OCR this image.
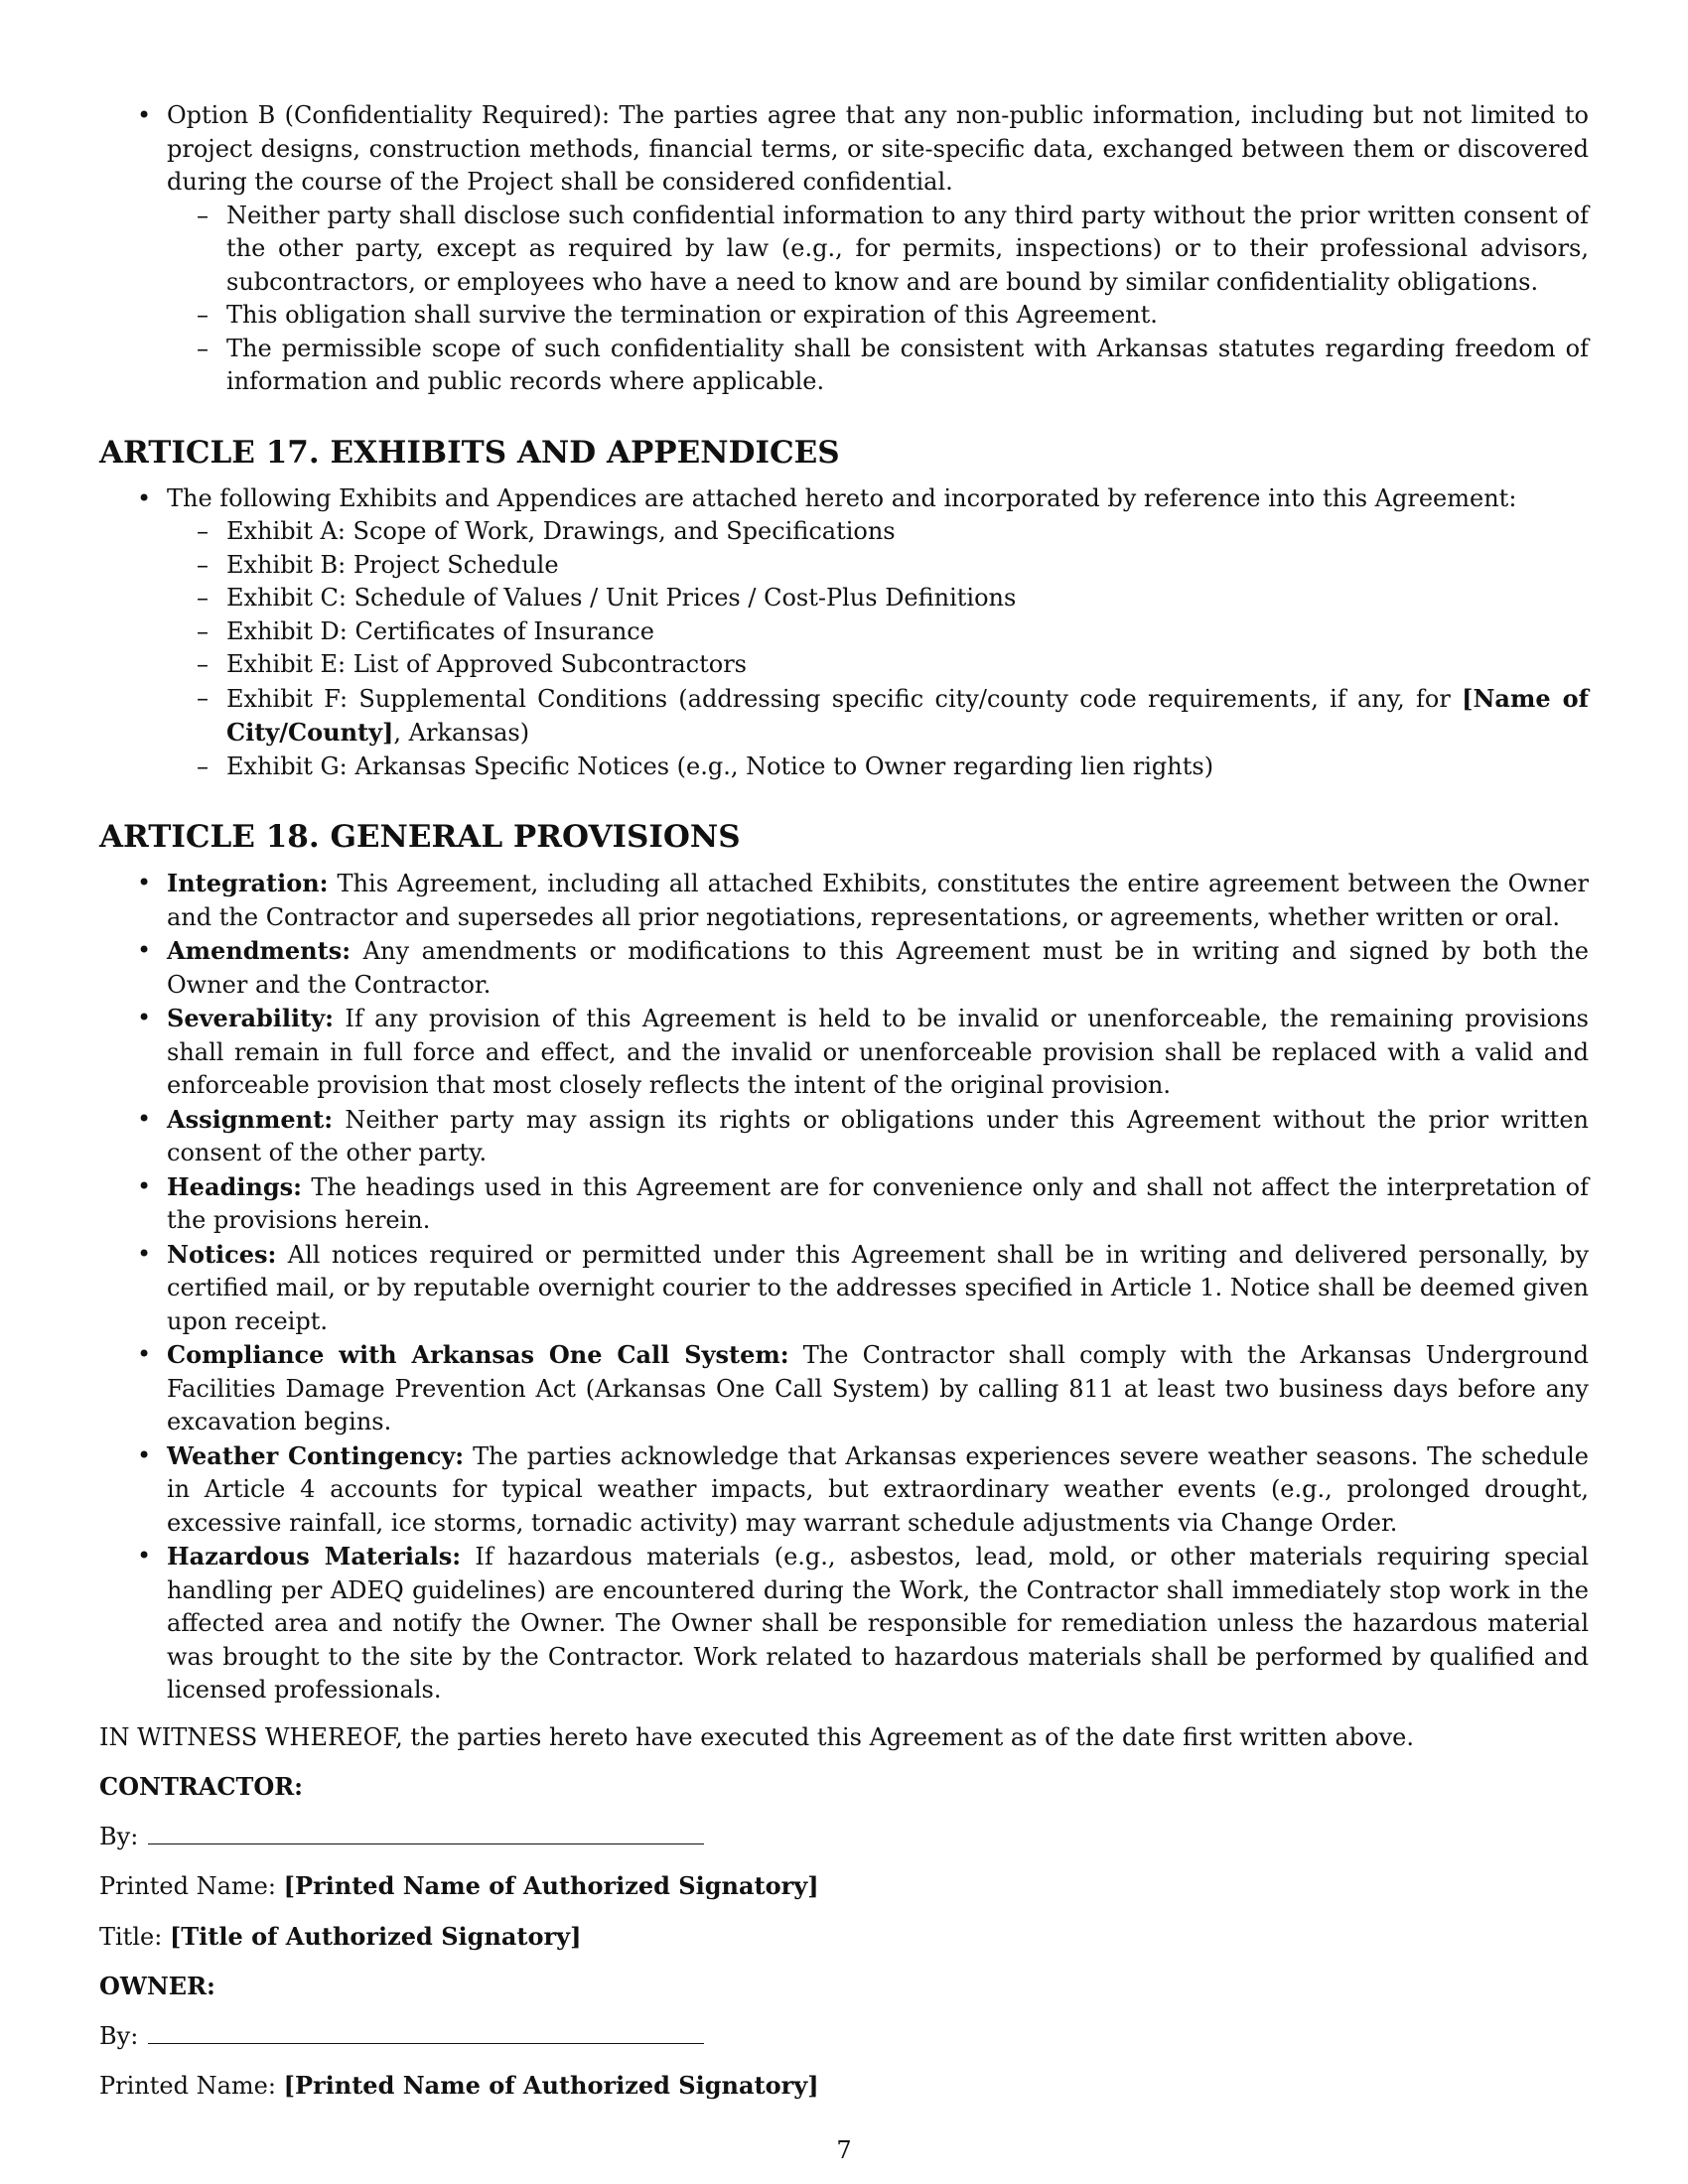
• Option B (Confidentiality Required): The parties agree that any non-public information, including but not limited to project designs, construction methods, financial terms, or site-specific data, exchanged between them or discovered during the course of the Project shall be considered confidential.
– Neither party shall disclose such confidential information to any third party without the prior written consent of the other party, except as required by law (e.g., for permits, inspections) or to their professional advisors, subcontractors, or employees who have a need to know and are bound by similar confidentiality obligations.
– This obligation shall survive the termination or expiration of this Agreement.
– The permissible scope of such confidentiality shall be consistent with Arkansas statutes regarding freedom of information and public records where applicable.
ARTICLE 17. EXHIBITS AND APPENDICES
• The following Exhibits and Appendices are attached hereto and incorporated by reference into this Agreement:
– Exhibit A: Scope of Work, Drawings, and Specifications
– Exhibit B: Project Schedule
– Exhibit C: Schedule of Values / Unit Prices / Cost-Plus Definitions
– Exhibit D: Certificates of Insurance
– Exhibit E: List of Approved Subcontractors
– Exhibit F: Supplemental Conditions (addressing specific city/county code requirements, if any, for [Name of City/County], Arkansas)
– Exhibit G: Arkansas Specific Notices (e.g., Notice to Owner regarding lien rights)
ARTICLE 18. GENERAL PROVISIONS
• Integration: This Agreement, including all attached Exhibits, constitutes the entire agreement between the Owner and the Contractor and supersedes all prior negotiations, representations, or agreements, whether written or oral.
• Amendments: Any amendments or modifications to this Agreement must be in writing and signed by both the Owner and the Contractor.
• Severability: If any provision of this Agreement is held to be invalid or unenforceable, the remaining provisions shall remain in full force and effect, and the invalid or unenforceable provision shall be replaced with a valid and enforceable provision that most closely reflects the intent of the original provision.
• Assignment: Neither party may assign its rights or obligations under this Agreement without the prior written consent of the other party.
• Headings: The headings used in this Agreement are for convenience only and shall not affect the interpretation of the provisions herein.
• Notices: All notices required or permitted under this Agreement shall be in writing and delivered personally, by certified mail, or by reputable overnight courier to the addresses specified in Article 1. Notice shall be deemed given upon receipt.
• Compliance with Arkansas One Call System: The Contractor shall comply with the Arkansas Underground Facilities Damage Prevention Act (Arkansas One Call System) by calling 811 at least two business days before any excavation begins.
• Weather Contingency: The parties acknowledge that Arkansas experiences severe weather seasons. The schedule in Article 4 accounts for typical weather impacts, but extraordinary weather events (e.g., prolonged drought, excessive rainfall, ice storms, tornadic activity) may warrant schedule adjustments via Change Order.
• Hazardous Materials: If hazardous materials (e.g., asbestos, lead, mold, or other materials requiring special handling per ADEQ guidelines) are encountered during the Work, the Contractor shall immediately stop work in the affected area and notify the Owner. The Owner shall be responsible for remediation unless the hazardous material was brought to the site by the Contractor. Work related to hazardous materials shall be performed by qualified and licensed professionals.

IN WITNESS WHEREOF, the parties hereto have executed this Agreement as of the date first written above.

CONTRACTOR:
By:
Printed Name: [Printed Name of Authorized Signatory]
Title: [Title of Authorized Signatory]
OWNER:
By:
Printed Name: [Printed Name of Authorized Signatory]
7
